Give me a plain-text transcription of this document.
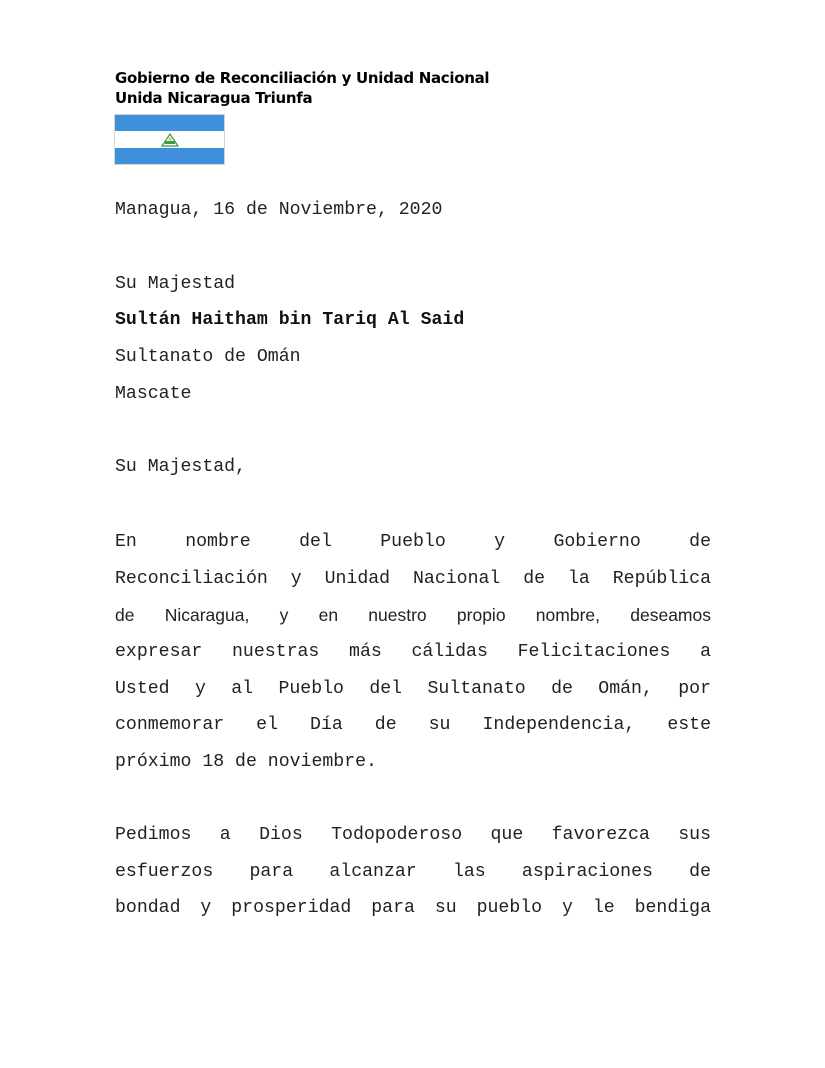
Gobierno de Reconciliación y Unidad Nacional
Unida Nicaragua Triunfa
Managua, 16 de Noviembre, 2020
Su Majestad
Sultán Haitham bin Tariq Al Said
Sultanato de Omán
Mascate
Su Majestad,
En nombre del Pueblo y Gobierno de
Reconciliación y Unidad Nacional de la República
de Nicaragua, y en nuestro propio nombre, deseamos
expresar nuestras más cálidas Felicitaciones a
Usted y al Pueblo del Sultanato de Omán, por
conmemorar el Día de su Independencia, este
próximo 18 de noviembre.
Pedimos a Dios Todopoderoso que favorezca sus
esfuerzos para alcanzar las aspiraciones de
bondad y prosperidad para su pueblo y le bendiga
